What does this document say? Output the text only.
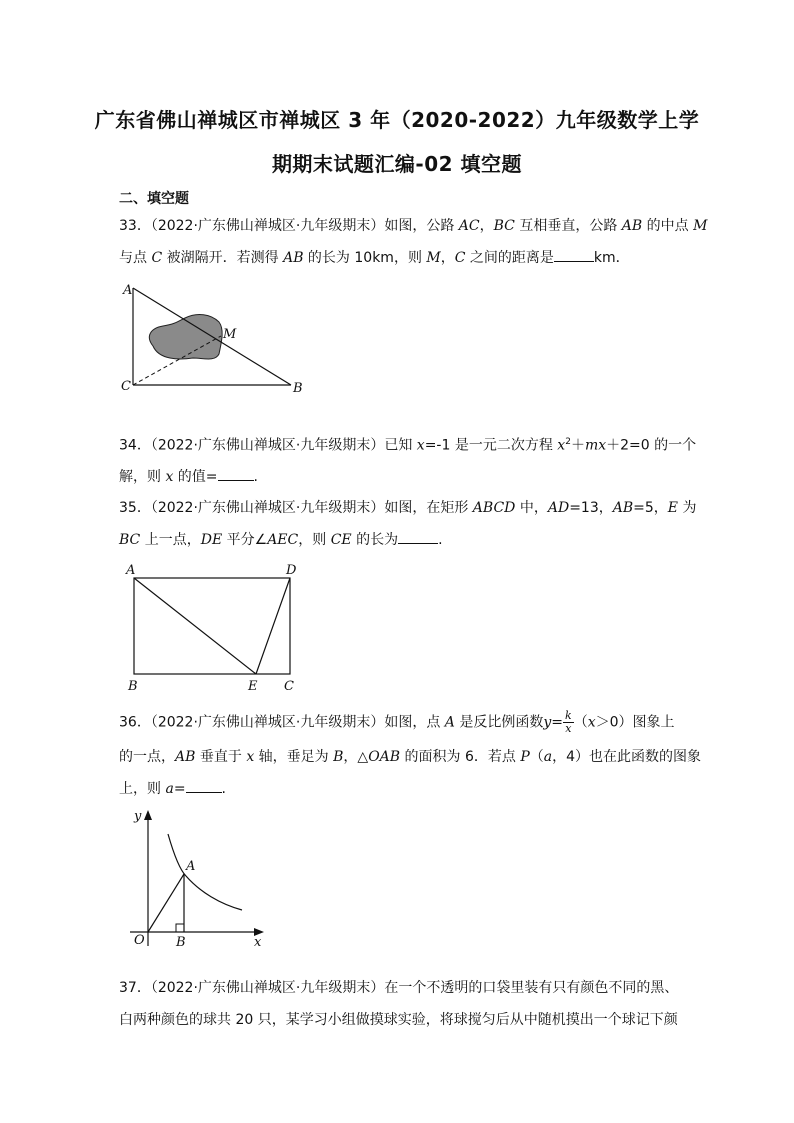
广东省佛山禅城区市禅城区 3 年（2020-2022）九年级数学上学
期期末试题汇编-02 填空题
二、填空题
33．（2022·广东佛山禅城区·九年级期末）如图，公路 AC，BC 互相垂直，公路 AB 的中点 M
与点 C 被湖隔开．若测得 AB 的长为 10km，则 M，C 之间的距离是	km．
A
M
C	B
34．（2022·广东佛山禅城区·九年级期末）已知 x=-1 是一元二次方程 $x^2+mx+2=0$ 的一个
解，则 x 的值=	.
35．（2022·广东佛山禅城区·九年级期末）如图，在矩形 ABCD 中，AD=13，AB=5，E 为
BC 上一点，DE 平分∠AEC，则 CE 的长为	.
A	D
B	E C
36．（2022·广东佛山禅城区·九年级期末）如图，点 A 是反比例函数$y= \frac{k}{x} (x>0)$图象上
的一点，AB 垂直于 x 轴，垂足为 B，△OAB 的面积为 6．若点 P（a，4）也在此函数的图象
上，则 a=	.
y
A
O B	x
37．（2022·广东佛山禅城区·九年级期末）在一个不透明的口袋里装有只有颜色不同的黑、
白两种颜色的球共 20 只，某学习小组做摸球实验，将球搅匀后从中随机摸出一个球记下颜
